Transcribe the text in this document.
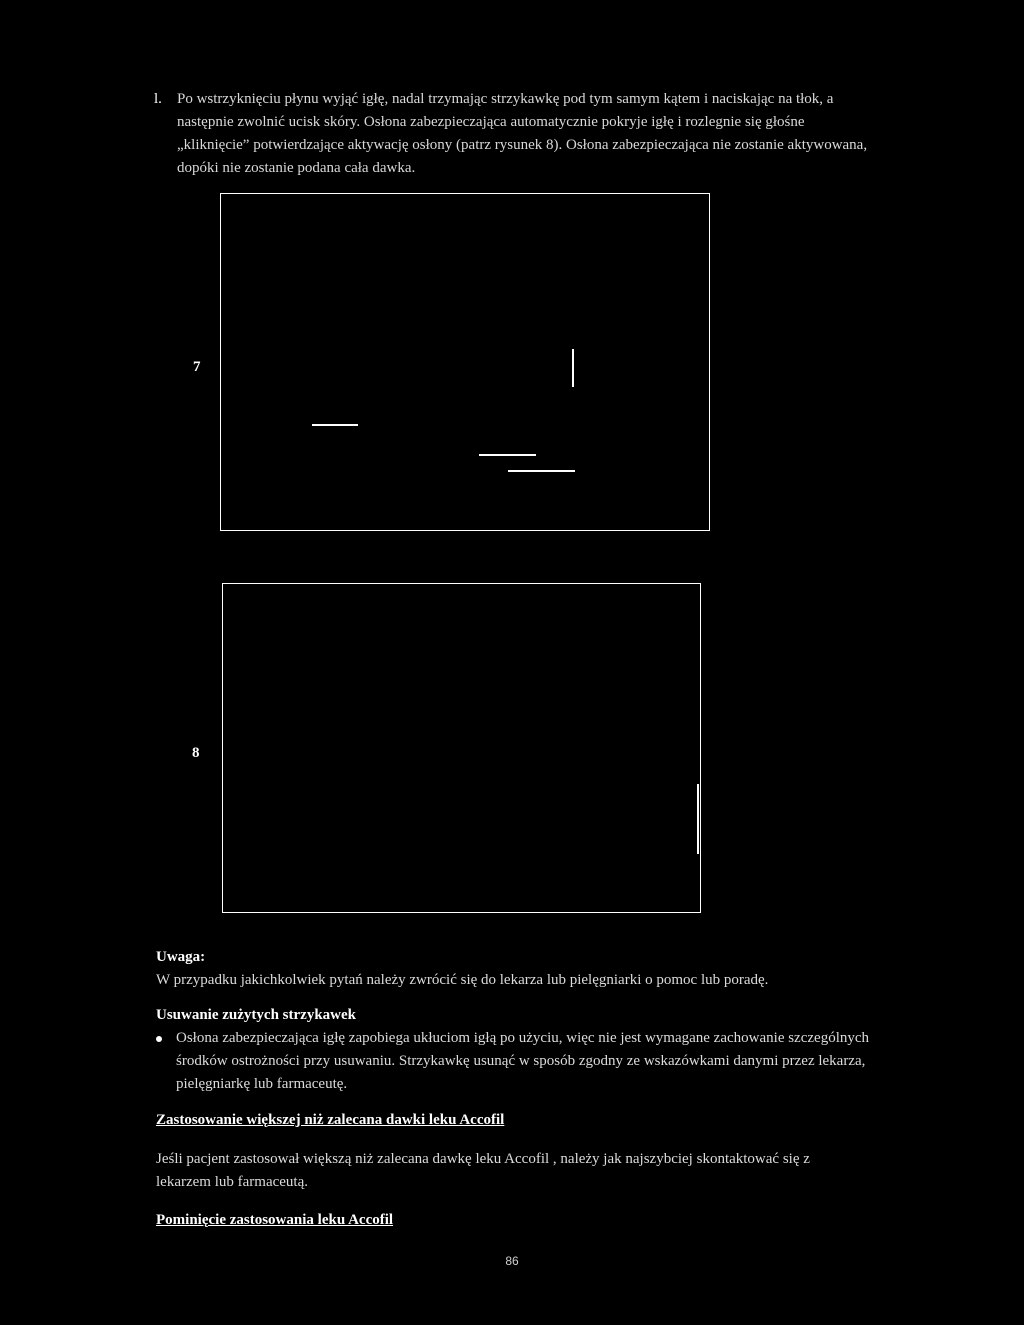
l. Po wstrzyknięciu płynu wyjąć igłę, nadal trzymając strzykawkę pod tym samym kątem i naciskając na tłok, a następnie zwolnić ucisk skóry. Osłona zabezpieczająca automatycznie pokryje igłę i rozlegnie się głośne „kliknięcie” potwierdzające aktywację osłony (patrz rysunek 8). Osłona zabezpieczająca nie zostanie aktywowana, dopóki nie zostanie podana cała dawka.
7
8
Uwaga:
W przypadku jakichkolwiek pytań należy zwrócić się do lekarza lub pielęgniarki o pomoc lub poradę.
Usuwanie zużytych strzykawek
Osłona zabezpieczająca igłę zapobiega ukłuciom igłą po użyciu, więc nie jest wymagane zachowanie szczególnych środków ostrożności przy usuwaniu. Strzykawkę usunąć w sposób zgodny ze wskazówkami danymi przez lekarza, pielęgniarkę lub farmaceutę.
Zastosowanie większej niż zalecana dawki leku Accofil
Jeśli pacjent zastosował większą niż zalecana dawkę leku Accofil , należy jak najszybciej skontaktować się z lekarzem lub farmaceutą.
Pominięcie zastosowania leku Accofil
86
